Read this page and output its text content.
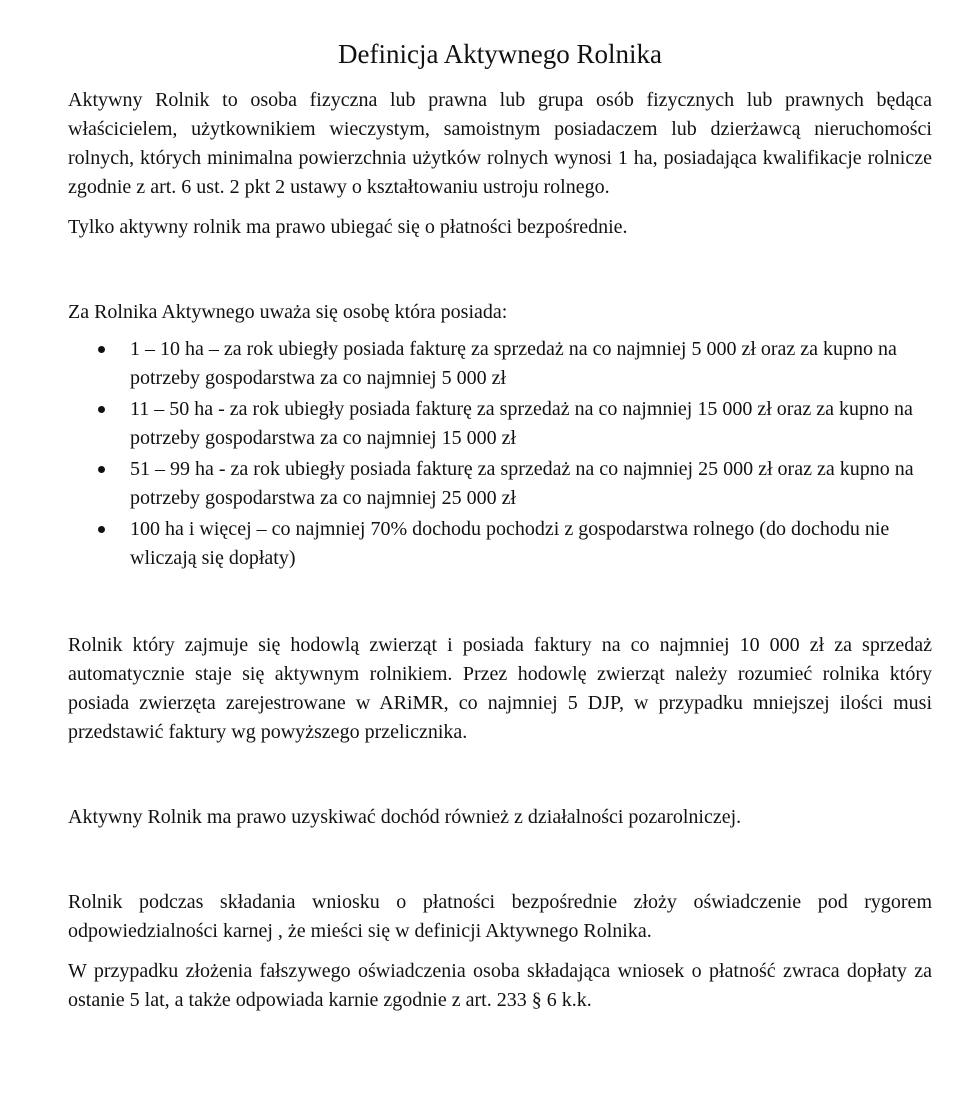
Definicja Aktywnego Rolnika

Aktywny Rolnik to osoba fizyczna lub prawna lub grupa osób fizycznych lub prawnych będąca właścicielem, użytkownikiem wieczystym, samoistnym posiadaczem lub dzierżawcą nieruchomości rolnych, których minimalna powierzchnia użytków rolnych wynosi 1 ha, posiadająca kwalifikacje rolnicze zgodnie z art. 6 ust. 2 pkt 2 ustawy o kształtowaniu ustroju rolnego.

Tylko aktywny rolnik ma prawo ubiegać się o płatności bezpośrednie.

Za Rolnika Aktywnego uważa się osobę która posiada:

1 – 10 ha – za rok ubiegły posiada fakturę za sprzedaż na co najmniej 5 000 zł oraz za kupno na potrzeby gospodarstwa za co najmniej 5 000 zł
11 – 50 ha - za rok ubiegły posiada fakturę za sprzedaż na co najmniej 15 000 zł oraz za kupno na potrzeby gospodarstwa za co najmniej 15 000 zł
51 – 99 ha - za rok ubiegły posiada fakturę za sprzedaż na co najmniej 25 000 zł oraz za kupno na potrzeby gospodarstwa za co najmniej 25 000 zł
100 ha i więcej – co najmniej 70% dochodu pochodzi z gospodarstwa rolnego (do dochodu nie wliczają się dopłaty)

Rolnik który zajmuje się hodowlą zwierząt i posiada faktury na co najmniej 10 000 zł za sprzedaż automatycznie staje się aktywnym rolnikiem. Przez hodowlę zwierząt należy rozumieć rolnika który posiada zwierzęta zarejestrowane w ARiMR, co najmniej 5 DJP, w przypadku mniejszej ilości musi przedstawić faktury wg powyższego przelicznika.

Aktywny Rolnik ma prawo uzyskiwać dochód również z działalności pozarolniczej.

Rolnik podczas składania wniosku o płatności bezpośrednie złoży oświadczenie pod rygorem odpowiedzialności karnej , że mieści się w definicji Aktywnego Rolnika.

W przypadku złożenia fałszywego oświadczenia osoba składająca wniosek o płatność zwraca dopłaty za ostanie 5 lat, a także odpowiada karnie zgodnie z art. 233 § 6 k.k.
